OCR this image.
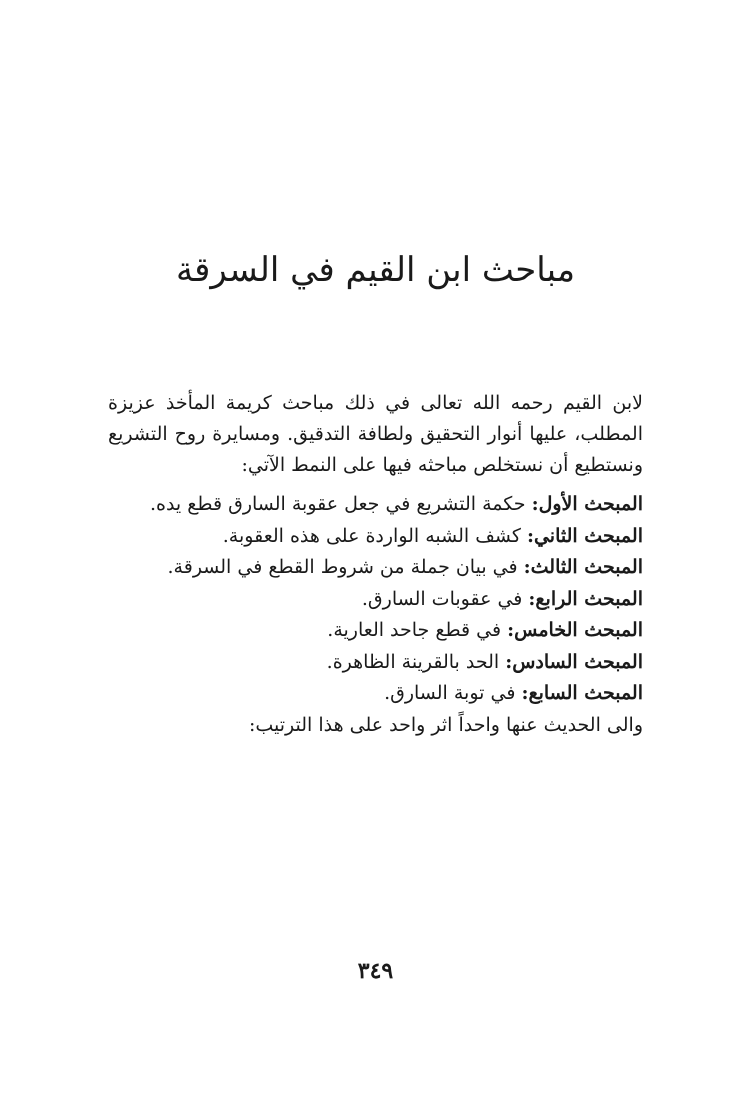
مباحث ابن القيم في السرقة

لابن القيم رحمه الله تعالى في ذلك مباحث كريمة المأخذ عزيزة المطلب، عليها أنوار التحقيق ولطافة التدقيق. ومسايرة روح التشريع ونستطيع أن نستخلص مباحثه فيها على النمط الآتي:

المبحث الأول: حكمة التشريع في جعل عقوبة السارق قطع يده.
المبحث الثاني: كشف الشبه الواردة على هذه العقوبة.
المبحث الثالث: في بيان جملة من شروط القطع في السرقة.
المبحث الرابع: في عقوبات السارق.
المبحث الخامس: في قطع جاحد العارية.
المبحث السادس: الحد بالقرينة الظاهرة.
المبحث السابع: في توبة السارق.

والى الحديث عنها واحداً اثر واحد على هذا الترتيب:

٣٤٩
